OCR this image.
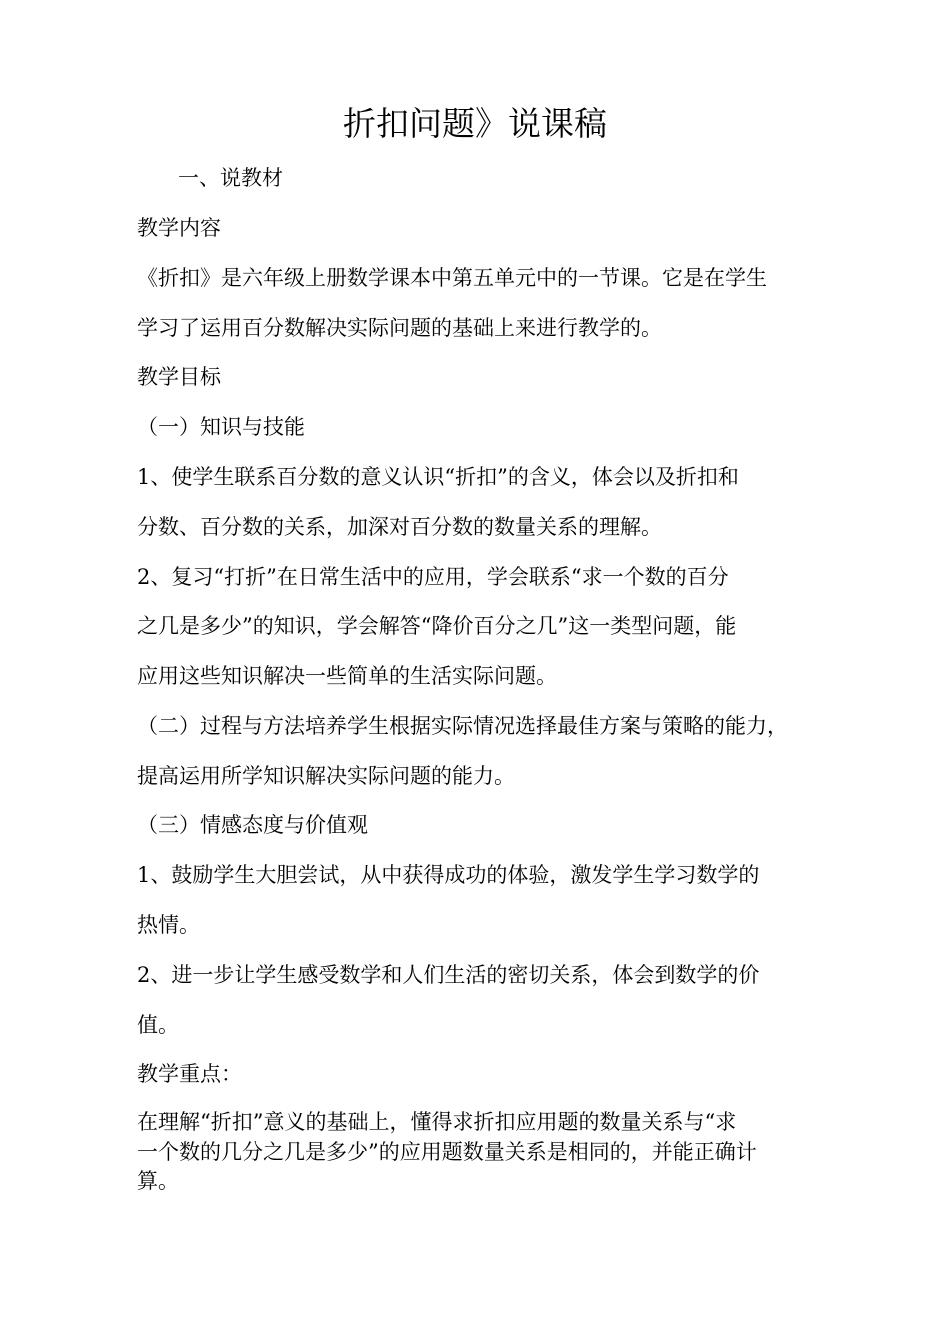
折扣问题》说课稿
一、说教材
教学内容
《折扣》是六年级上册数学课本中第五单元中的一节课。它是在学生
学习了运用百分数解决实际问题的基础上来进行教学的。
教学目标
（一）知识与技能
1、使学生联系百分数的意义认识“折扣”的含义，体会以及折扣和
分数、百分数的关系，加深对百分数的数量关系的理解。
2、复习“打折”在日常生活中的应用，学会联系“求一个数的百分
之几是多少”的知识，学会解答“降价百分之几”这一类型问题，能
应用这些知识解决一些简单的生活实际问题。
（二）过程与方法培养学生根据实际情况选择最佳方案与策略的能力，
提高运用所学知识解决实际问题的能力。
（三）情感态度与价值观
1、鼓励学生大胆尝试，从中获得成功的体验，激发学生学习数学的
热情。
2、进一步让学生感受数学和人们生活的密切关系，体会到数学的价
值。
教学重点：
在理解“折扣”意义的基础上，懂得求折扣应用题的数量关系与“求
一个数的几分之几是多少”的应用题数量关系是相同的，并能正确计
算。
